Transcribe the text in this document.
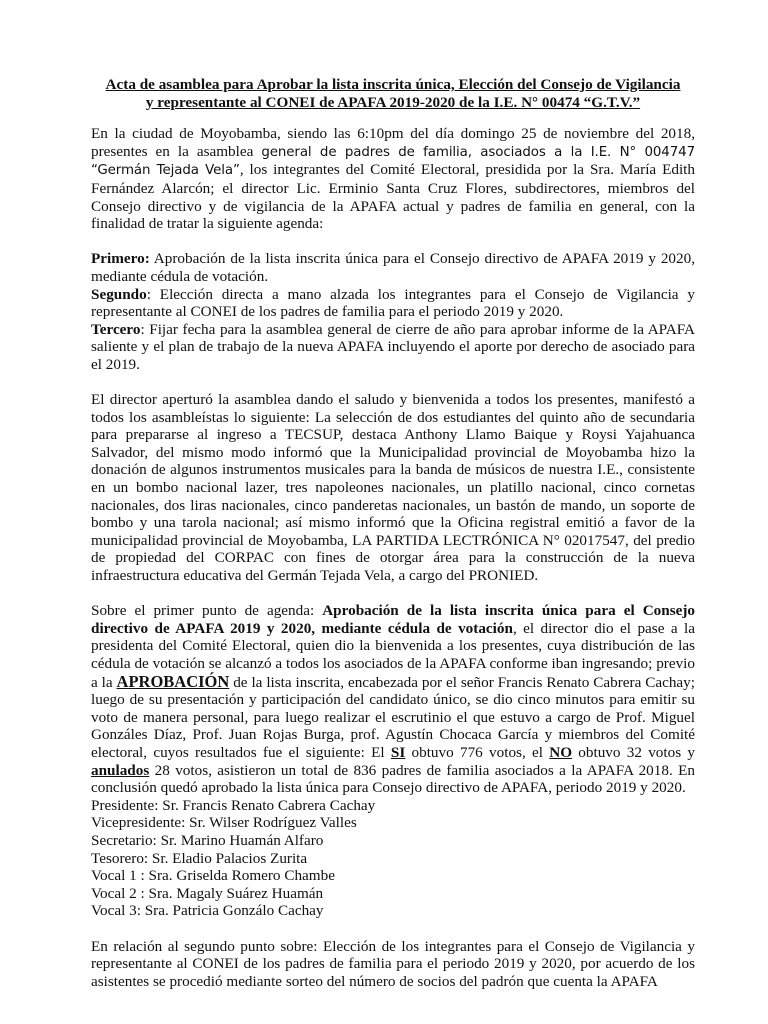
Acta de asamblea para Aprobar la lista inscrita única, Elección del Consejo de Vigilancia
y representante al CONEI de APAFA 2019-2020 de la I.E. N° 00474 “G.T.V.”

En la ciudad de Moyobamba, siendo las 6:10pm del día domingo 25 de noviembre del 2018, presentes en la asamblea general de padres de familia, asociados a la I.E. N° 004747 “Germán Tejada Vela”, los integrantes del Comité Electoral, presidida por la Sra. María Edith Fernández Alarcón; el director Lic. Erminio Santa Cruz Flores, subdirectores, miembros del Consejo directivo y de vigilancia de la APAFA actual y padres de familia en general, con la finalidad de tratar la siguiente agenda:

Primero: Aprobación de la lista inscrita única para el Consejo directivo de APAFA 2019 y 2020, mediante cédula de votación.

Segundo: Elección directa a mano alzada los integrantes para el Consejo de Vigilancia y representante al CONEI de los padres de familia para el periodo 2019 y 2020.

Tercero: Fijar fecha para la asamblea general de cierre de año para aprobar informe de la APAFA saliente y el plan de trabajo de la nueva APAFA incluyendo el aporte por derecho de asociado para el 2019.

El director aperturó la asamblea dando el saludo y bienvenida a todos los presentes, manifestó a todos los asambleístas lo siguiente: La selección de dos estudiantes del quinto año de secundaria para prepararse al ingreso a TECSUP, destaca Anthony Llamo Baique y Roysi Yajahuanca Salvador, del mismo modo informó que la Municipalidad provincial de Moyobamba hizo la donación de algunos instrumentos musicales para la banda de músicos de nuestra I.E., consistente en un bombo nacional lazer, tres napoleones nacionales, un platillo nacional, cinco cornetas nacionales, dos liras nacionales, cinco panderetas nacionales, un bastón de mando, un soporte de bombo y una tarola nacional; así mismo informó que la Oficina registral emitió a favor de la municipalidad provincial de Moyobamba, LA PARTIDA LECTRÓNICA N° 02017547, del predio de propiedad del CORPAC con fines de otorgar área para la construcción de la nueva infraestructura educativa del Germán Tejada Vela, a cargo del PRONIED.

Sobre el primer punto de agenda: Aprobación de la lista inscrita única para el Consejo directivo de APAFA 2019 y 2020, mediante cédula de votación, el director dio el pase a la presidenta del Comité Electoral, quien dio la bienvenida a los presentes, cuya distribución de las cédula de votación se alcanzó a todos los asociados de la APAFA conforme iban ingresando; previo a la APROBACIÓN de la lista inscrita, encabezada por el señor Francis Renato Cabrera Cachay; luego de su presentación y participación del candidato único, se dio cinco minutos para emitir su voto de manera personal, para luego realizar el escrutinio el que estuvo a cargo de Prof. Miguel Gonzáles Díaz, Prof. Juan Rojas Burga, prof. Agustín Chocaca García y miembros del Comité electoral, cuyos resultados fue el siguiente: El SI obtuvo 776 votos, el NO obtuvo 32 votos y anulados 28 votos, asistieron un total de 836 padres de familia asociados a la APAFA 2018. En conclusión quedó aprobado la lista única para Consejo directivo de APAFA, periodo 2019 y 2020.

Presidente: Sr. Francis Renato Cabrera Cachay
Vicepresidente: Sr. Wilser Rodríguez Valles
Secretario: Sr. Marino Huamán Alfaro
Tesorero: Sr. Eladio Palacios Zurita
Vocal 1 : Sra. Griselda Romero Chambe
Vocal 2 : Sra. Magaly Suárez Huamán
Vocal 3: Sra. Patricia Gonzálo Cachay

En relación al segundo punto sobre: Elección de los integrantes para el Consejo de Vigilancia y representante al CONEI de los padres de familia para el periodo 2019 y 2020, por acuerdo de los asistentes se procedió mediante sorteo del número de socios del padrón que cuenta la APAFA
